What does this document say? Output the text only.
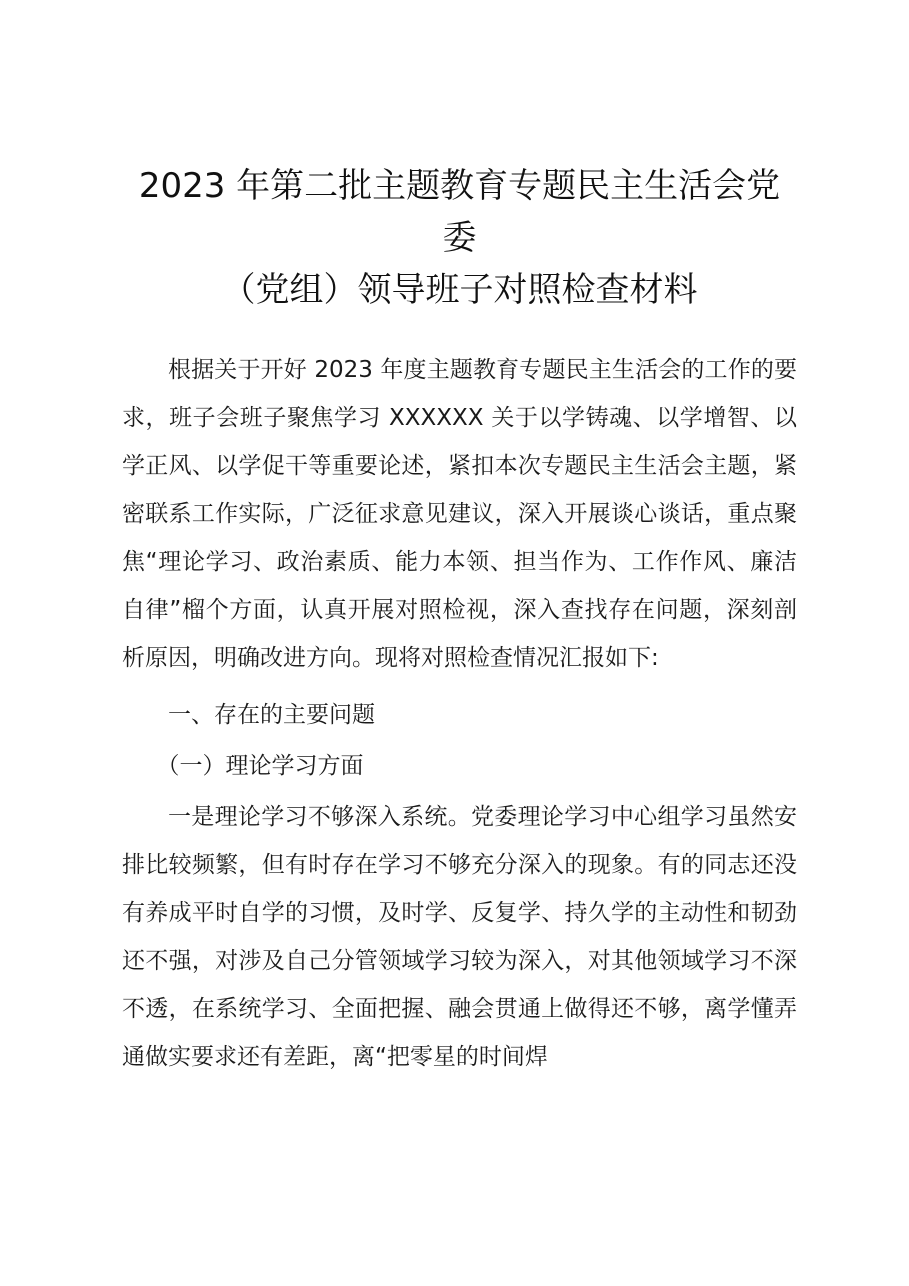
2023 年第二批主题教育专题民主生活会党委
（党组）领导班子对照检查材料

根据关于开好 2023 年度主题教育专题民主生活会的工作的要求，班子会班子聚焦学习 XXXXXX 关于以学铸魂、以学增智、以学正风、以学促干等重要论述，紧扣本次专题民主生活会主题，紧密联系工作实际，广泛征求意见建议，深入开展谈心谈话，重点聚焦“理论学习、政治素质、能力本领、担当作为、工作作风、廉洁自律”榴个方面，认真开展对照检视，深入查找存在问题，深刻剖析原因，明确改进方向。现将对照检查情况汇报如下:

一、存在的主要问题

（一）理论学习方面

一是理论学习不够深入系统。党委理论学习中心组学习虽然安排比较频繁，但有时存在学习不够充分深入的现象。有的同志还没有养成平时自学的习惯，及时学、反复学、持久学的主动性和韧劲还不强，对涉及自己分管领域学习较为深入，对其他领域学习不深不透，在系统学习、全面把握、融会贯通上做得还不够，离学懂弄通做实要求还有差距，离“把零星的时间焊
